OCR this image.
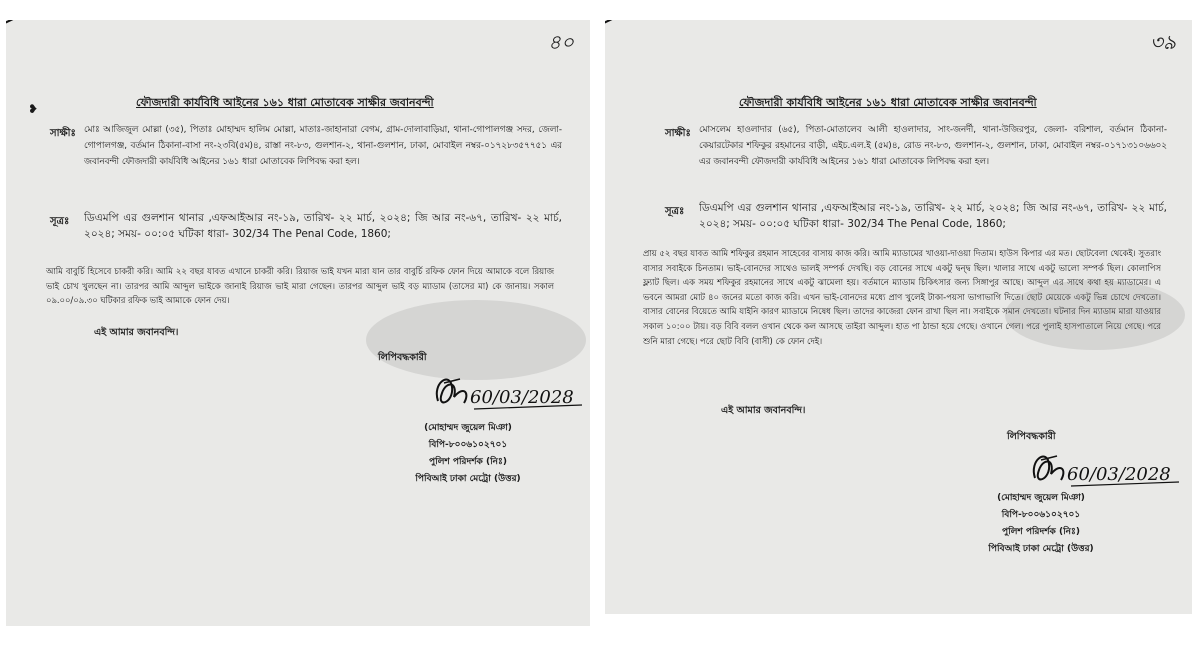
৪০
ফৌজদারী কার্যবিধি আইনের ১৬১ ধারা মোতাবেক সাক্ষীর জবানবন্দী
❥
সাক্ষীঃ মোঃ আজিজুল মোল্লা (৩৫), পিতাঃ মোহাম্মদ হালিম মোল্লা, মাতাঃ-জাহানারা বেগম, গ্রাম-দোলাবাড়িয়া, থানা-গোপালগঞ্জ সদর, জেলা-গোপালগঞ্জ, বর্তমান ঠিকানা-বাসা নং-২৩বি(৫ম)৪, রাস্তা নং-৮৩, গুলশান-২, থানা-গুলশান, ঢাকা, মোবাইল নম্বর-০১৭২৮৩৫৭৭৫১ এর জবানবন্দী ফৌজদারী কার্যবিধি আইনের ১৬১ ধারা মোতাবেক লিপিবদ্ধ করা হল।
সূত্রঃ ডিএমপি এর গুলশান থানার ,এফআইআর নং-১৯, তারিখ- ২২ মার্চ, ২০২৪; জি আর নং-৬৭, তারিখ- ২২ মার্চ, ২০২৪; সময়- ০০:০৫ ঘটিকা ধারা- 302/34 The Penal Code, 1860;
আমি বাবুর্চি হিসেবে চাকরী করি। আমি ২২ বছর যাবত এখানে চাকরী করি। রিয়াজ ভাই যখন মারা যান তার বাবুর্চি রফিক ফোন দিয়ে আমাকে বলে রিয়াজ ভাই চোখ খুলছেন না। তারপর আমি আব্দুল ভাইকে জানাই রিয়াজ ভাই মারা গেছেন। তারপর আব্দুল ভাই বড় ম্যাডাম (তাসের মা) কে জানায়। সকাল ০৯.০০/০৯.৩০ ঘটিকার রফিক ভাই আমাকে ফোন দেয়।
এই আমার জবানবন্দি।
লিপিবদ্ধকারী
60/03/2028
(মোহাম্মদ জুয়েল মিঞা)
বিপি-৮০০৬১০২৭০১
পুলিশ পরিদর্শক (নিঃ)
পিবিআই ঢাকা মেট্রো (উত্তর)
৩৯
ফৌজদারী কার্যবিধি আইনের ১৬১ ধারা মোতাবেক সাক্ষীর জবানবন্দী
সাক্ষীঃ মোসলেম হাওলাদার (৬৫), পিতা-মোতালেব আলী হাওলাদার, সাং-জনর্দী, থানা-উজিরপুর, জেলা- বরিশাল, বর্তমান ঠিকানা-কেয়ারটেকার শফিকুর রহমানের বাড়ী, এইচ.এল.ই (৫ম)৪, রোড নং-৮৩, গুলশান-২, গুলশান, ঢাকা, মোবাইল নম্বর-০১৭১৩১০৬৬০২ এর জবানবন্দী ফৌজদারী কার্যবিধি আইনের ১৬১ ধারা মোতাবেক লিপিবদ্ধ করা হল।
সূত্রঃ ডিএমপি এর গুলশান থানার ,এফআইআর নং-১৯, তারিখ- ২২ মার্চ, ২০২৪; জি আর নং-৬৭, তারিখ- ২২ মার্চ, ২০২৪; সময়- ০০:০৫ ঘটিকা ধারা- 302/34 The Penal Code, 1860;
প্রায় ৫২ বছর যাবত আমি শফিকুর রহমান সাহেবের বাসায় কাজ করি। আমি ম্যাডামের খাওয়া-দাওয়া দিতাম। হাউস কিপার এর মত। ছোটবেলা থেকেই। সুতরাং বাসার সবাইকে চিনতাম। ভাই-বোনদের সাথেও ভালই সম্পর্ক দেখছি। বড় বোনের সাথে একটু দ্বন্দ্ব ছিল। খালার সাথে একটু ভালো সম্পর্ক ছিল। কোলাপিস ফ্ল্যাট ছিল। এক সময় শফিকুর রহমানের সাথে একটু ঝামেলা হয়। বর্তমানে ম্যাডাম চিকিৎসার জন্য সিঙ্গাপুর আছে। আব্দুল এর সাথে কথা হয় ম্যাডামের। এ ভবনে আমরা মোট ৪০ জনের মতো কাজ করি। এখন ভাই-বোনদের মধ্যে প্রাণ খুলেই টাকা-পয়সা ভাগাভাগি দিতে। ছোট মেয়েকে একটু ভিন্ন চোখে দেখতো। বাসার বোনের বিয়েতে আমি যাইনি কারণ ম্যাডামে নিষেধ ছিল। তাদের কাজেরা ফোন রাখা ছিল না। সবাইকে সমান দেখতো। ঘটনার দিন ম্যাডাম মারা যাওয়ার সকাল ১০:০০ টায়। বড় বিবি বলল ওখান থেকে কল আসছে তাইরা আব্দুল। হাত পা ঠান্ডা হয়ে গেছে। ওখানে গেল। পরে পুলাই হাসপাতালে নিয়ে গেছে। পরে শুনি মারা গেছে। পরে ছোট বিবি (বাসী) কে ফোন দেই।
এই আমার জবানবন্দি।
লিপিবদ্ধকারী
60/03/2028
(মোহাম্মদ জুয়েল মিঞা)
বিপি-৮০০৬১০২৭০১
পুলিশ পরিদর্শক (নিঃ)
পিবিআই ঢাকা মেট্রো (উত্তর)
